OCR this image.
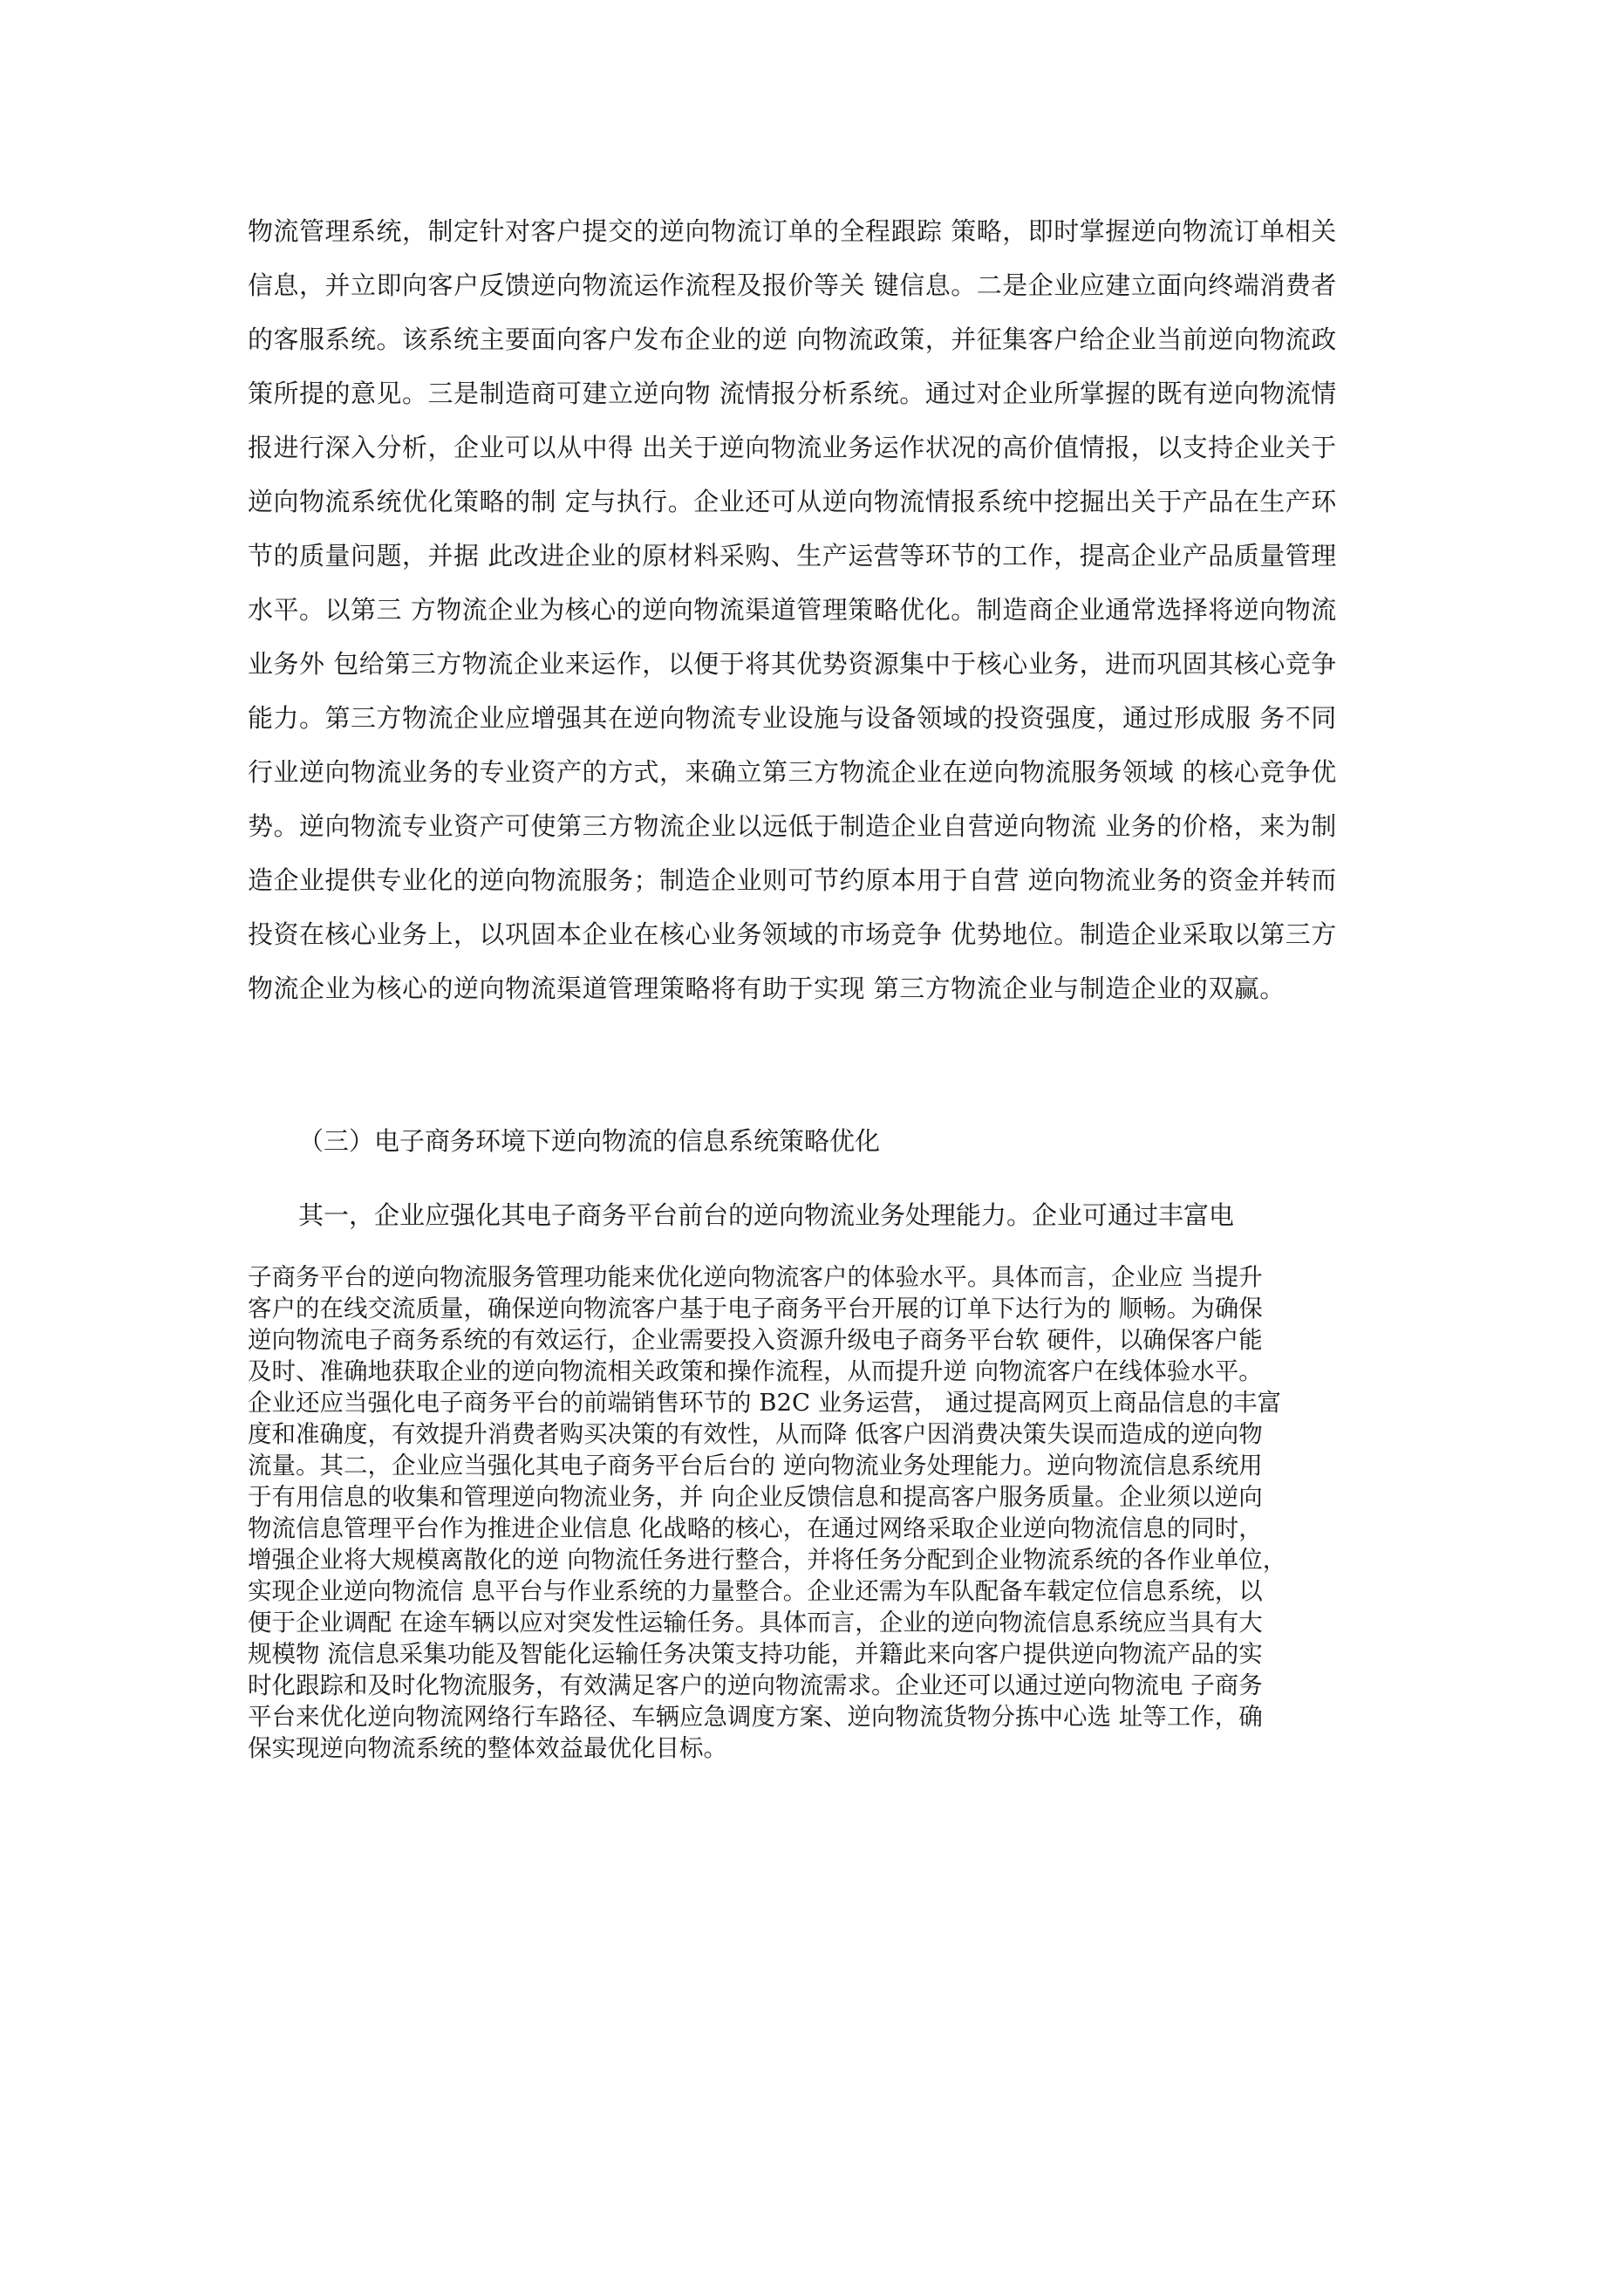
物流管理系统，制定针对客户提交的逆向物流订单的全程跟踪 策略，即时掌握逆向物流订单相关
信息，并立即向客户反馈逆向物流运作流程及报价等关 键信息。二是企业应建立面向终端消费者
的客服系统。该系统主要面向客户发布企业的逆 向物流政策，并征集客户给企业当前逆向物流政
策所提的意见。三是制造商可建立逆向物 流情报分析系统。通过对企业所掌握的既有逆向物流情
报进行深入分析，企业可以从中得 出关于逆向物流业务运作状况的高价值情报，以支持企业关于
逆向物流系统优化策略的制 定与执行。企业还可从逆向物流情报系统中挖掘出关于产品在生产环
节的质量问题，并据 此改进企业的原材料采购、生产运营等环节的工作，提高企业产品质量管理
水平。以第三 方物流企业为核心的逆向物流渠道管理策略优化。制造商企业通常选择将逆向物流
业务外 包给第三方物流企业来运作，以便于将其优势资源集中于核心业务，进而巩固其核心竞争
能力。第三方物流企业应增强其在逆向物流专业设施与设备领域的投资强度，通过形成服 务不同
行业逆向物流业务的专业资产的方式，来确立第三方物流企业在逆向物流服务领域 的核心竞争优
势。逆向物流专业资产可使第三方物流企业以远低于制造企业自营逆向物流 业务的价格，来为制
造企业提供专业化的逆向物流服务；制造企业则可节约原本用于自营 逆向物流业务的资金并转而
投资在核心业务上，以巩固本企业在核心业务领域的市场竞争 优势地位。制造企业采取以第三方
物流企业为核心的逆向物流渠道管理策略将有助于实现 第三方物流企业与制造企业的双赢。
（三）电子商务环境下逆向物流的信息系统策略优化
其一，企业应强化其电子商务平台前台的逆向物流业务处理能力。企业可通过丰富电
子商务平台的逆向物流服务管理功能来优化逆向物流客户的体验水平。具体而言，企业应 当提升
客户的在线交流质量，确保逆向物流客户基于电子商务平台开展的订单下达行为的 顺畅。为确保
逆向物流电子商务系统的有效运行，企业需要投入资源升级电子商务平台软 硬件，以确保客户能
及时、准确地获取企业的逆向物流相关政策和操作流程，从而提升逆 向物流客户在线体验水平。
企业还应当强化电子商务平台的前端销售环节的 B2C 业务运营， 通过提高网页上商品信息的丰富
度和准确度，有效提升消费者购买决策的有效性，从而降 低客户因消费决策失误而造成的逆向物
流量。其二，企业应当强化其电子商务平台后台的 逆向物流业务处理能力。逆向物流信息系统用
于有用信息的收集和管理逆向物流业务，并 向企业反馈信息和提高客户服务质量。企业须以逆向
物流信息管理平台作为推进企业信息 化战略的核心，在通过网络采取企业逆向物流信息的同时，
增强企业将大规模离散化的逆 向物流任务进行整合，并将任务分配到企业物流系统的各作业单位，
实现企业逆向物流信 息平台与作业系统的力量整合。企业还需为车队配备车载定位信息系统，以
便于企业调配 在途车辆以应对突发性运输任务。具体而言，企业的逆向物流信息系统应当具有大
规模物 流信息采集功能及智能化运输任务决策支持功能，并籍此来向客户提供逆向物流产品的实
时化跟踪和及时化物流服务，有效满足客户的逆向物流需求。企业还可以通过逆向物流电 子商务
平台来优化逆向物流网络行车路径、车辆应急调度方案、逆向物流货物分拣中心选 址等工作，确
保实现逆向物流系统的整体效益最优化目标。
